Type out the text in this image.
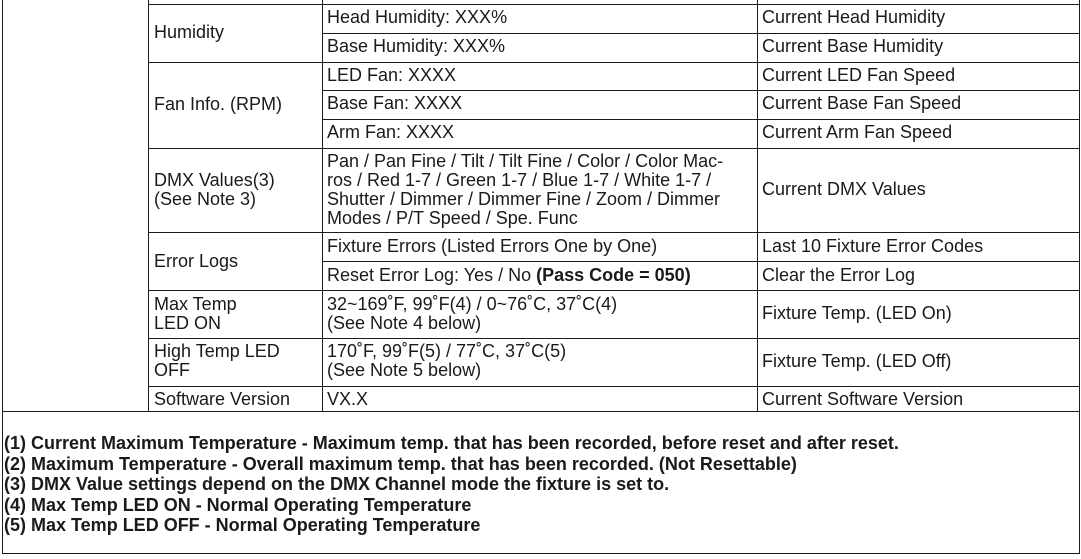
Humidity
Fan Info. (RPM)
DMX Values(3)
(See Note 3)
Error Logs
Max Temp
LED ON
High Temp LED
OFF
Software Version
Head Humidity: XXX%
Base Humidity: XXX%
LED Fan: XXXX
Base Fan: XXXX
Arm Fan: XXXX
Pan / Pan Fine / Tilt / Tilt Fine / Color / Color Mac-
ros / Red 1-7 / Green 1-7 / Blue 1-7 / White 1-7 /
Shutter / Dimmer / Dimmer Fine / Zoom / Dimmer
Modes / P/T Speed / Spe. Func
Fixture Errors (Listed Errors One by One)
Reset Error Log: Yes / No (Pass Code = 050)
32~169˚F, 99˚F(4) / 0~76˚C, 37˚C(4)
(See Note 4 below)
170˚F, 99˚F(5) / 77˚C, 37˚C(5)
(See Note 5 below)
VX.X
Current Head Humidity
Current Base Humidity
Current LED Fan Speed
Current Base Fan Speed
Current Arm Fan Speed
Current DMX Values
Last 10 Fixture Error Codes
Clear the Error Log
Fixture Temp. (LED On)
Fixture Temp. (LED Off)
Current Software Version
(1) Current Maximum Temperature - Maximum temp. that has been recorded, before reset and after reset.
(2) Maximum Temperature - Overall maximum temp. that has been recorded. (Not Resettable)
(3) DMX Value settings depend on the DMX Channel mode the fixture is set to.
(4) Max Temp LED ON - Normal Operating Temperature
(5) Max Temp LED OFF - Normal Operating Temperature
